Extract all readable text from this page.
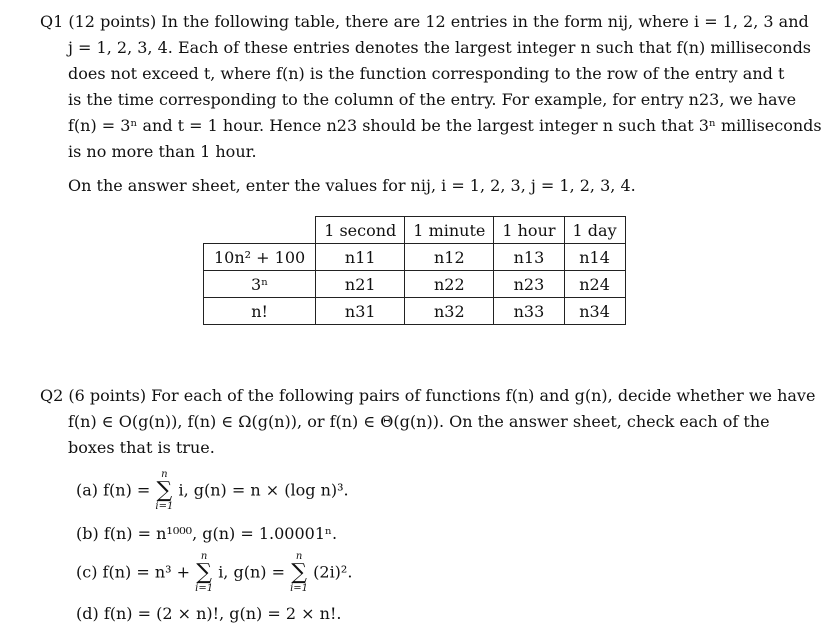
Q1 (12 points) In the following table, there are 12 entries in the form nij, where i = 1, 2, 3 and
j = 1, 2, 3, 4. Each of these entries denotes the largest integer n such that f(n) milliseconds
does not exceed t, where f(n) is the function corresponding to the row of the entry and t
is the time corresponding to the column of the entry. For example, for entry n23, we have
f(n) = 3ⁿ and t = 1 hour. Hence n23 should be the largest integer n such that 3ⁿ milliseconds
is no more than 1 hour.
On the answer sheet, enter the values for nij, i = 1, 2, 3, j = 1, 2, 3, 4.
	1 second	1 minute	1 hour	1 day
10n² + 100	n11	n12	n13	n14
3ⁿ	n21	n22	n23	n24
n!	n31	n32	n33	n34
Q2 (6 points) For each of the following pairs of functions f(n) and g(n), decide whether we have
f(n) ∈ O(g(n)), f(n) ∈ Ω(g(n)), or f(n) ∈ Θ(g(n)). On the answer sheet, check each of the
boxes that is true.
(a) f(n) =
n
∑
i=1
i, g(n) = n × (log n)³.
(b) f(n) = n¹⁰⁰⁰, g(n) = 1.00001ⁿ.
(c) f(n) = n³ +
n
∑
i=1
i, g(n) =
n
∑
i=1
(2i)².
(d) f(n) = (2 × n)!, g(n) = 2 × n!.
